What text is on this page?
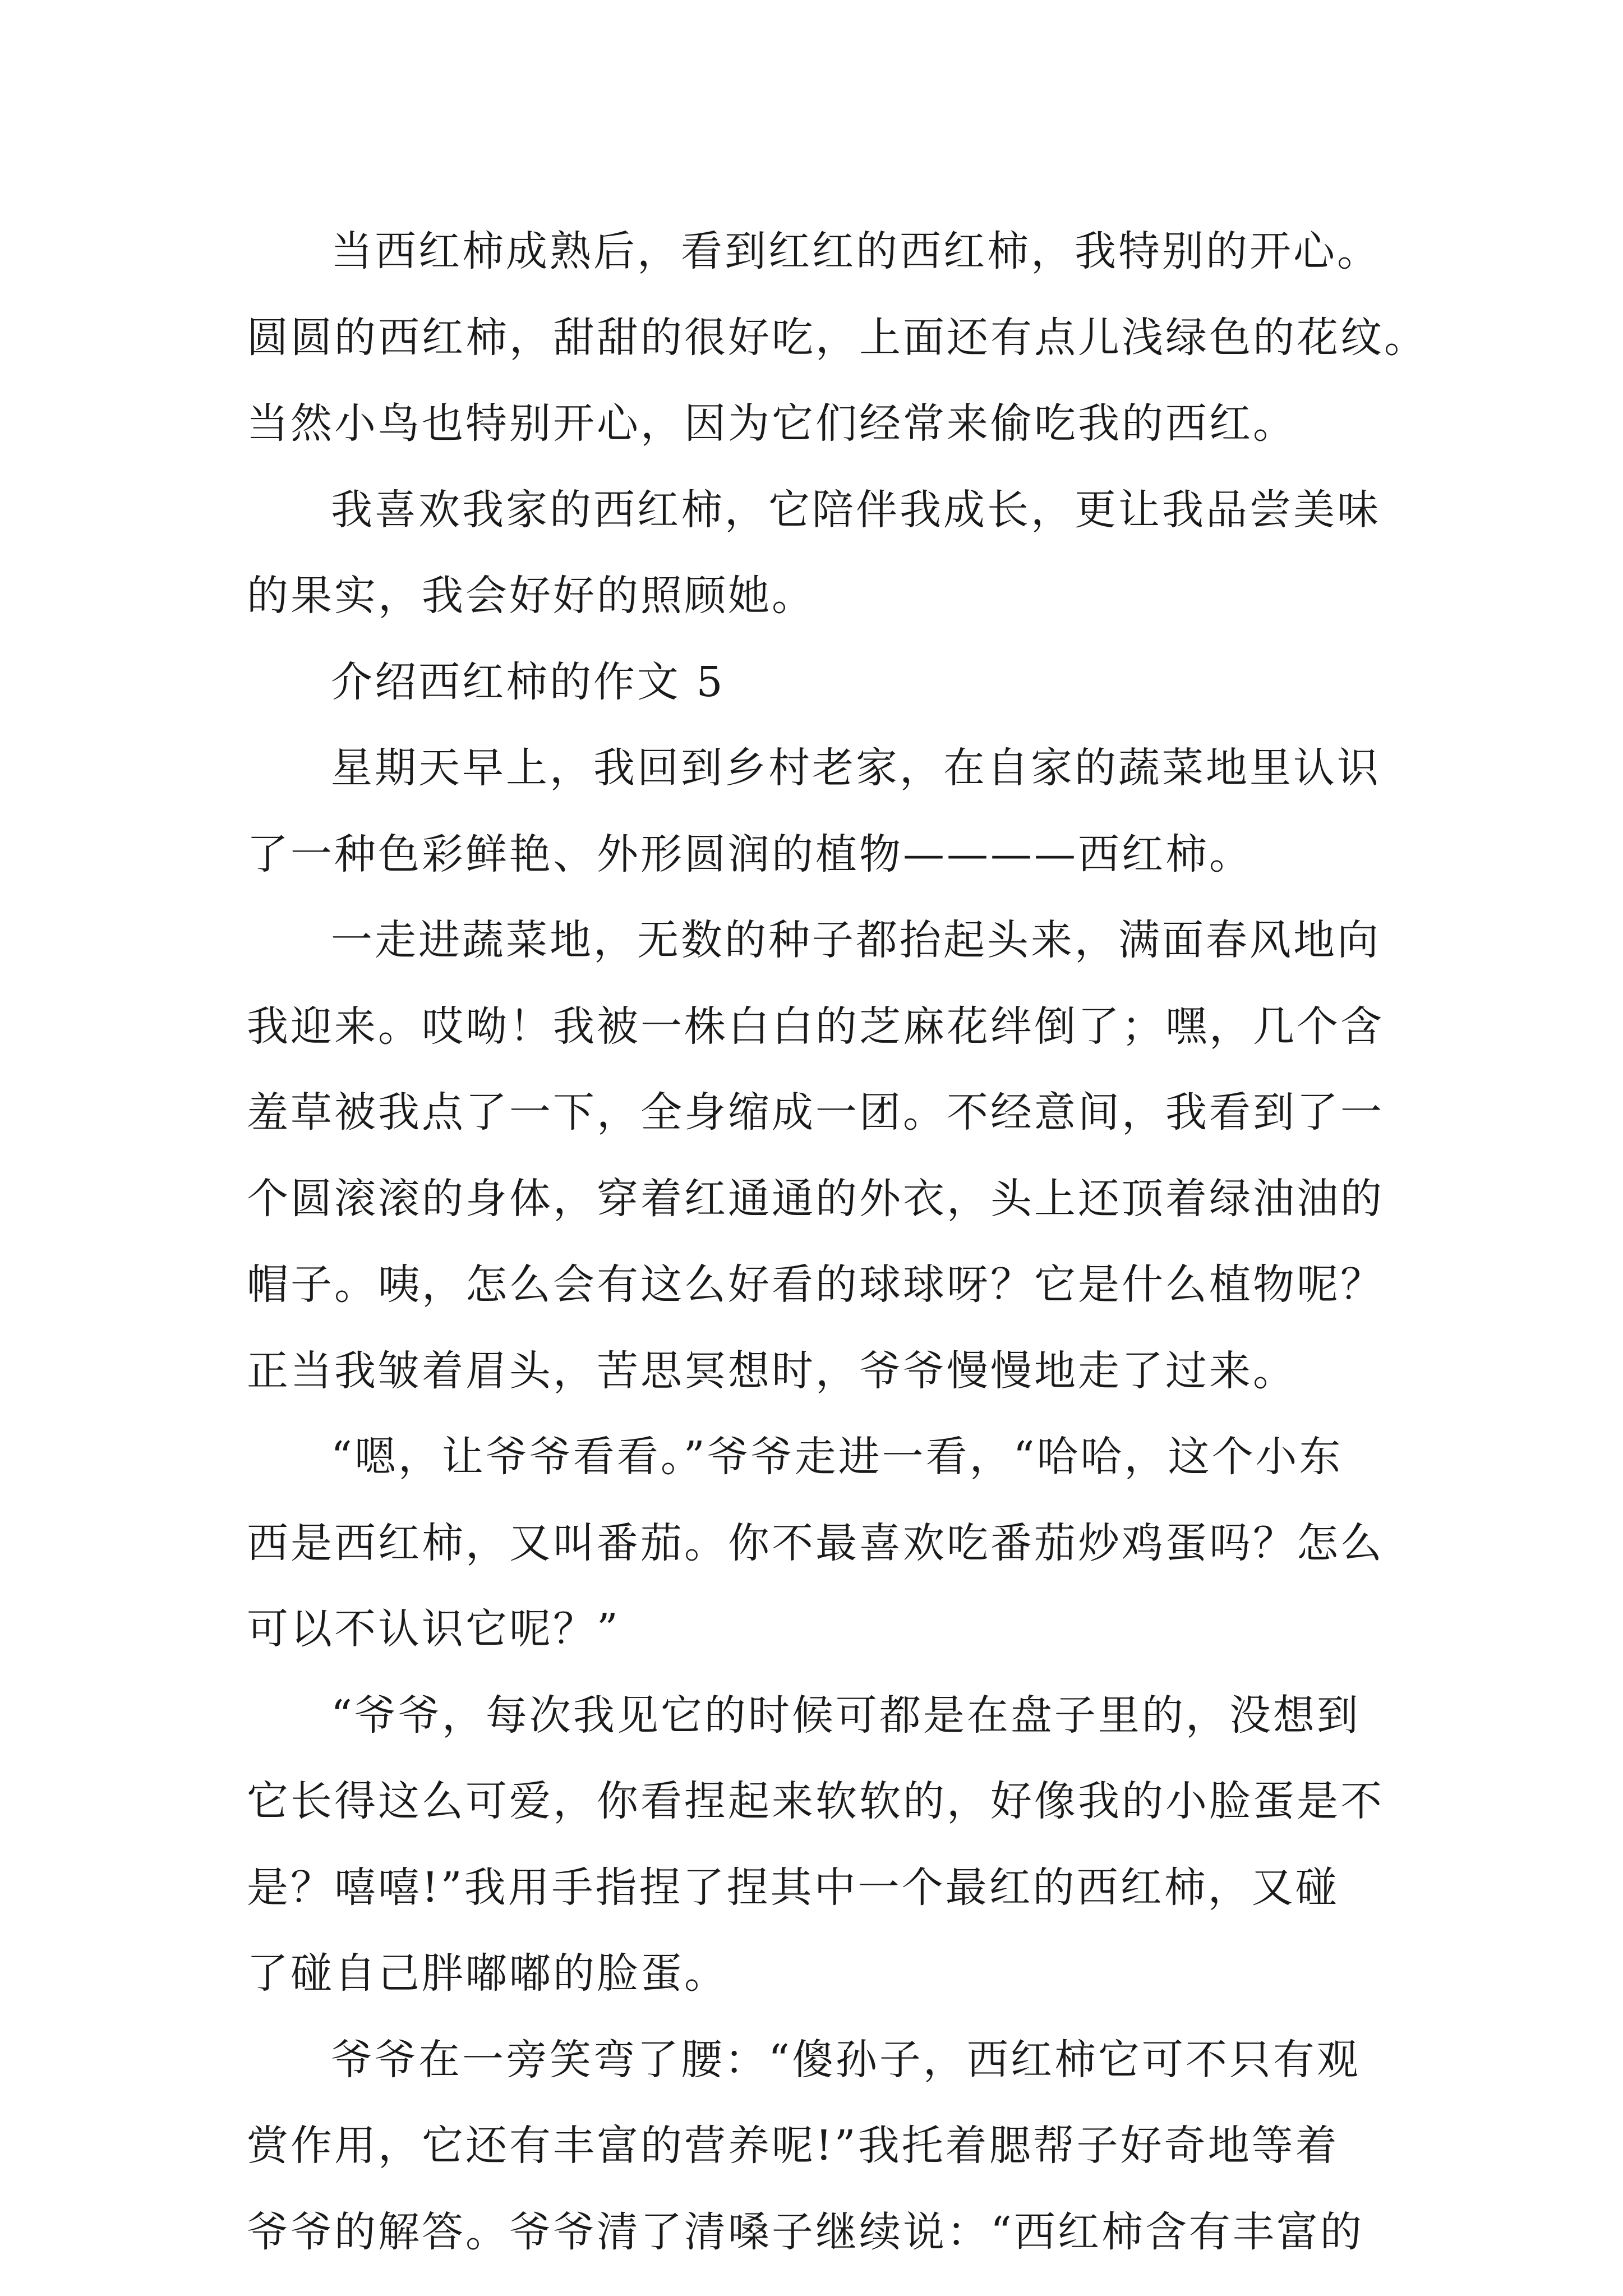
当西红柿成熟后，看到红红的西红柿，我特别的开心。
圆圆的西红柿，甜甜的很好吃，上面还有点儿浅绿色的花纹。
当然小鸟也特别开心，因为它们经常来偷吃我的西红。
我喜欢我家的西红柿，它陪伴我成长，更让我品尝美味
的果实，我会好好的照顾她。
介绍西红柿的作文 5
星期天早上，我回到乡村老家，在自家的蔬菜地里认识
了一种色彩鲜艳、外形圆润的植物————西红柿。
一走进蔬菜地，无数的种子都抬起头来，满面春风地向
我迎来。哎呦！我被一株白白的芝麻花绊倒了；嘿，几个含
羞草被我点了一下，全身缩成一团。不经意间，我看到了一
个圆滚滚的身体，穿着红通通的外衣，头上还顶着绿油油的
帽子。咦，怎么会有这么好看的球球呀？它是什么植物呢？
正当我皱着眉头，苦思冥想时，爷爷慢慢地走了过来。
“嗯，让爷爷看看。”爷爷走进一看，“哈哈，这个小东
西是西红柿，又叫番茄。你不最喜欢吃番茄炒鸡蛋吗？怎么
可以不认识它呢？”
“爷爷，每次我见它的时候可都是在盘子里的，没想到
它长得这么可爱，你看捏起来软软的，好像我的小脸蛋是不
是？嘻嘻!”我用手指捏了捏其中一个最红的西红柿，又碰
了碰自己胖嘟嘟的脸蛋。
爷爷在一旁笑弯了腰：“傻孙子，西红柿它可不只有观
赏作用，它还有丰富的营养呢!”我托着腮帮子好奇地等着
爷爷的解答。爷爷清了清嗓子继续说：“西红柿含有丰富的
